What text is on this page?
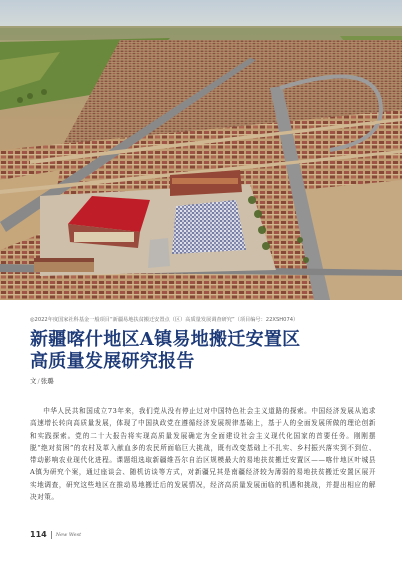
◎2022年度国家社科基金一般项目“新疆易地扶贫搬迁安置点（区）高质量发展调查研究”（项目编号：22XSH074）
新疆喀什地区A镇易地搬迁安置区
高质量发展研究报告
文/张璐

中华人民共和国成立73年来，我们党从没有停止过对中国特色社会主义道路的探索。中国经济发展从追求高速增长转向高质量发展，体现了中国执政党在遵循经济发展规律基础上，基于人的全面发展所做的理论创新和实践探索。党的二十大报告将实现高质量发展确定为全面建设社会主义现代化国家的首要任务。刚刚摆脱“绝对贫困”的农村及革入献血多的农民所面临巨大挑战，既有改变基础上不扎实、乡村振兴落实到不到位、带动影响农业现代化进程。课题组选取新疆维吾尔自治区规模最大的易地扶贫搬迁安置区——喀什地区叶城县A镇为研究个案，通过座谈会、随机访谈等方式，对新疆兄其是南疆经济较为薄弱的易地扶贫搬迁安置区展开实地调查，研究这些地区在推动易地搬迁后的发展情况，经济高质量发展面临的机遇和挑战，并提出相应的解决对策。

114 New West
